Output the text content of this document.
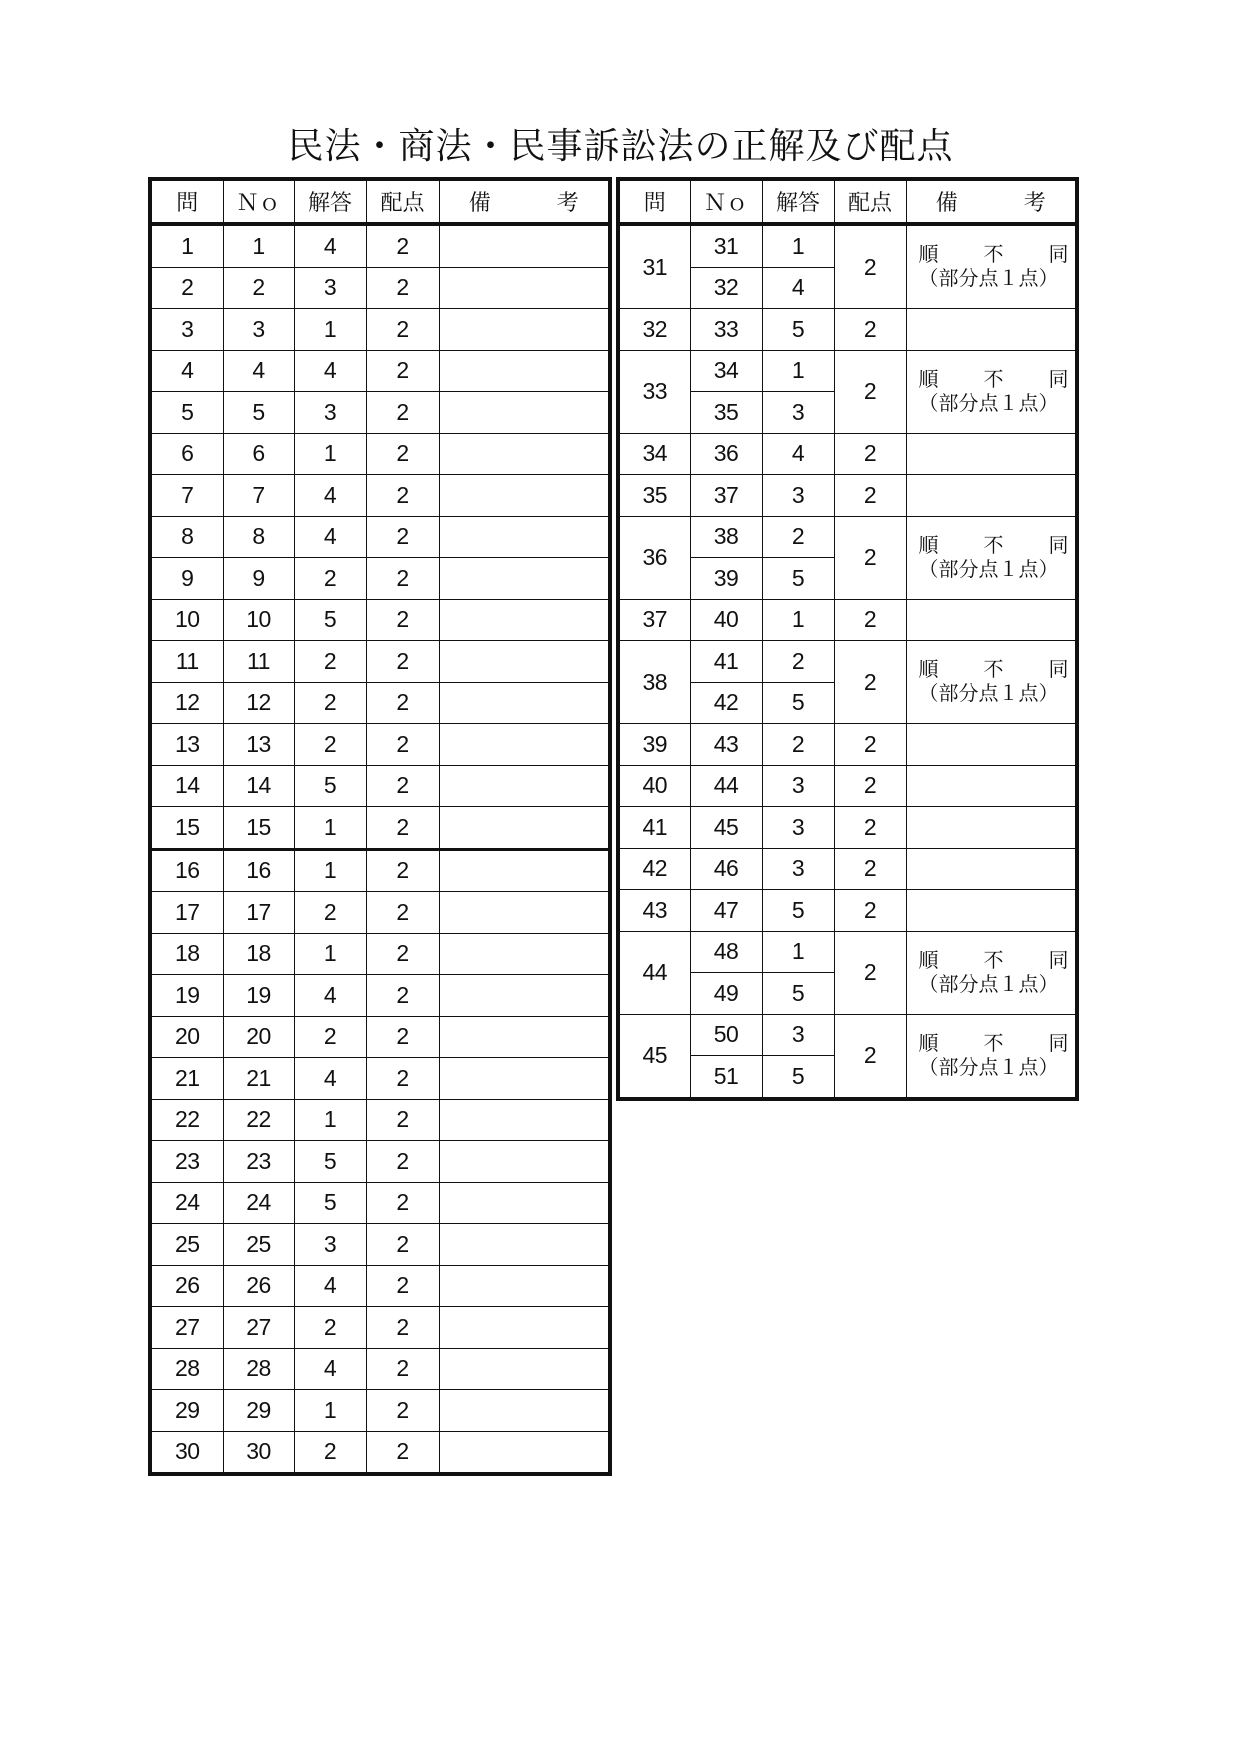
民法・商法・民事訴訟法の正解及び配点
問	Ｎｏ	解答	配点	備　　　考
1	1	4	2	
2	2	3	2	
3	3	1	2	
4	4	4	2	
5	5	3	2	
6	6	1	2	
7	7	4	2	
8	8	4	2	
9	9	2	2	
10	10	5	2	
11	11	2	2	
12	12	2	2	
13	13	2	2	
14	14	5	2	
15	15	1	2	
16	16	1	2	
17	17	2	2	
18	18	1	2	
19	19	4	2	
20	20	2	2	
21	21	4	2	
22	22	1	2	
23	23	5	2	
24	24	5	2	
25	25	3	2	
26	26	4	2	
27	27	2	2	
28	28	4	2	
29	29	1	2	
30	30	2	2	
問	Ｎｏ	解答	配点	備　　　考
31	31	1	2	順 不 同
（部分点１点）

	32	4		
32	33	5	2	
33	34	1	2	順 不 同
（部分点１点）

	35	3		
34	36	4	2	
35	37	3	2	
36	38	2	2	順 不 同
（部分点１点）

	39	5		
37	40	1	2	
38	41	2	2	順 不 同
（部分点１点）

	42	5		
39	43	2	2	
40	44	3	2	
41	45	3	2	
42	46	3	2	
43	47	5	2	
44	48	1	2	順 不 同
（部分点１点）

	49	5		
45	50	3	2	順 不 同
（部分点１点）

	51	5		
